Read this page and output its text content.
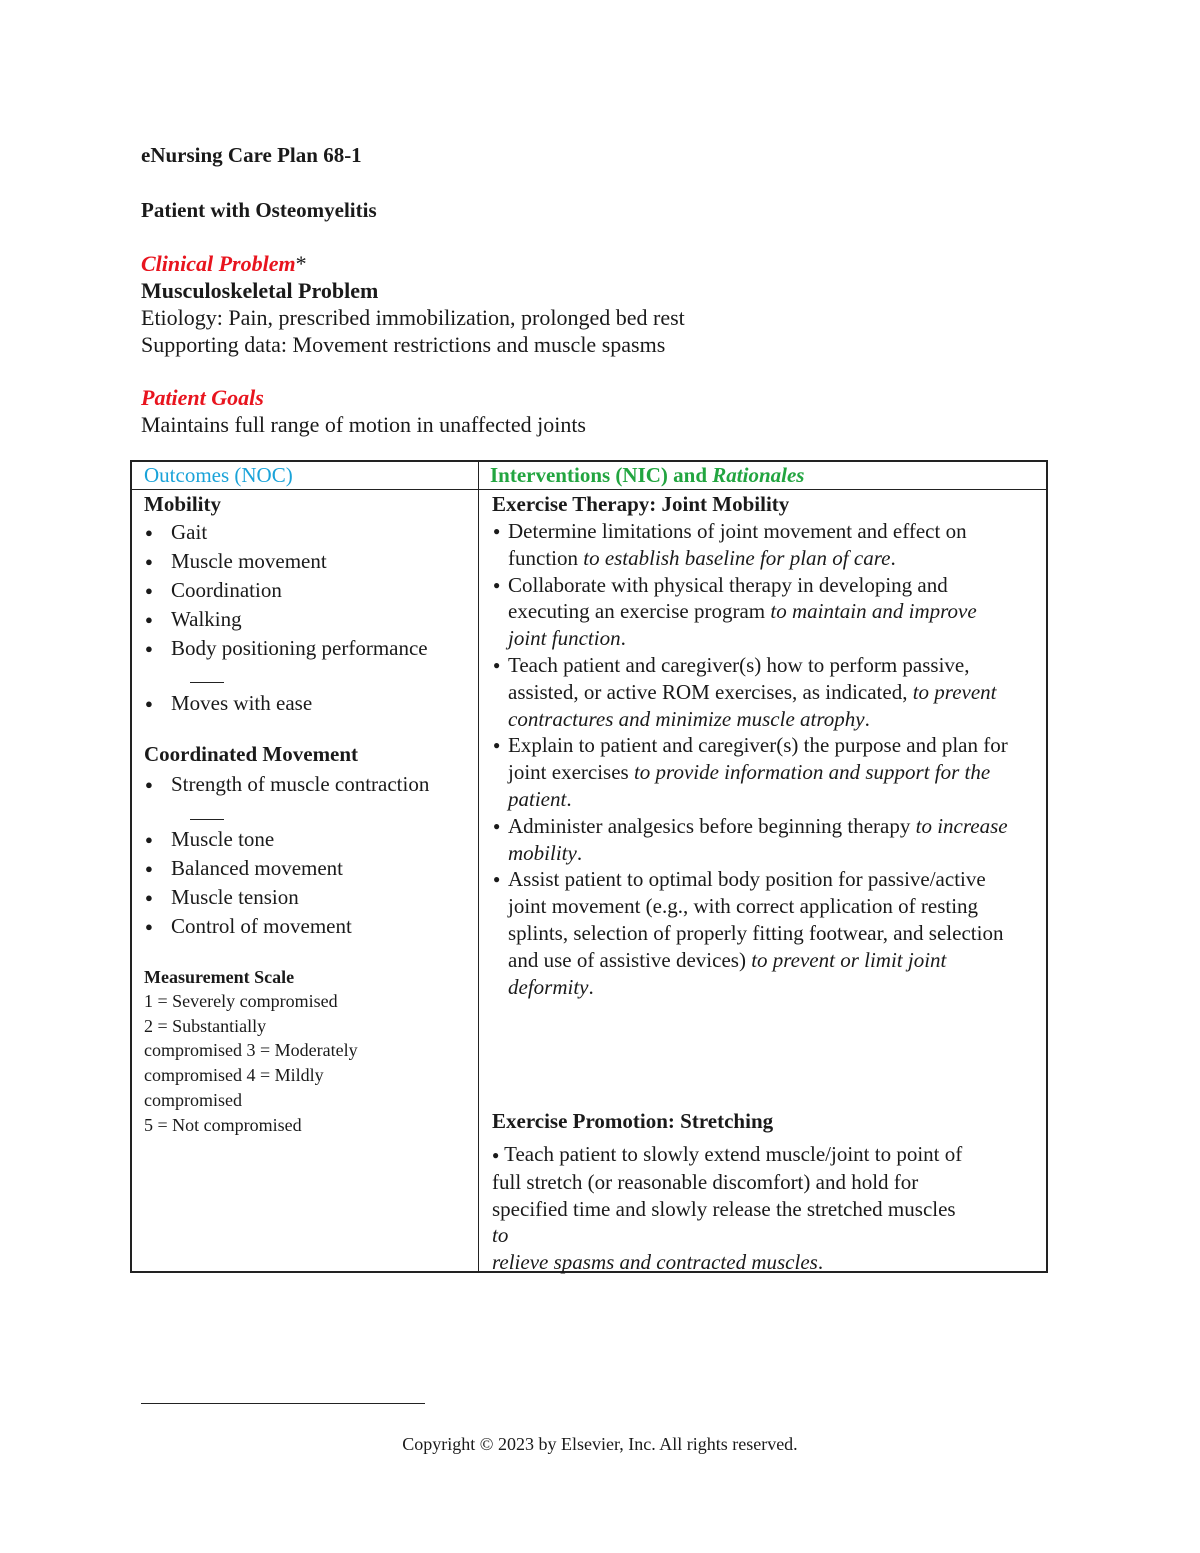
eNursing Care Plan 68-1
Patient with Osteomyelitis
Clinical Problem*
Musculoskeletal Problem
Etiology: Pain, prescribed immobilization, prolonged bed rest
Supporting data: Movement restrictions and muscle spasms
Patient Goals
Maintains full range of motion in unaffected joints
Outcomes (NOC)	Interventions (NIC) and Rationales
Mobility
● Gait
● Muscle movement
● Coordination
● Walking
● Body positioning performance
● Moves with ease
Coordinated Movement
● Strength of muscle contraction
● Muscle tone
● Balanced movement
● Muscle tension
● Control of movement
Measurement Scale
1 = Severely compromised
2 = Substantially
compromised 3 = Moderately
compromised 4 = Mildly
compromised
5 = Not compromised
Exercise Therapy: Joint Mobility
● Determine limitations of joint movement and effect on function to establish baseline for plan of care.
● Collaborate with physical therapy in developing and executing an exercise program to maintain and improve joint function.
● Teach patient and caregiver(s) how to perform passive, assisted, or active ROM exercises, as indicated, to prevent contractures and minimize muscle atrophy.
● Explain to patient and caregiver(s) the purpose and plan for joint exercises to provide information and support for the patient.
● Administer analgesics before beginning therapy to increase mobility.
● Assist patient to optimal body position for passive/active joint movement (e.g., with correct application of resting splints, selection of properly fitting footwear, and selection and use of assistive devices) to prevent or limit joint deformity.
Exercise Promotion: Stretching
● Teach patient to slowly extend muscle/joint to point of
full stretch (or reasonable discomfort) and hold for
specified time and slowly release the stretched muscles
to
relieve spasms and contracted muscles.
Copyright © 2023 by Elsevier, Inc. All rights reserved.
